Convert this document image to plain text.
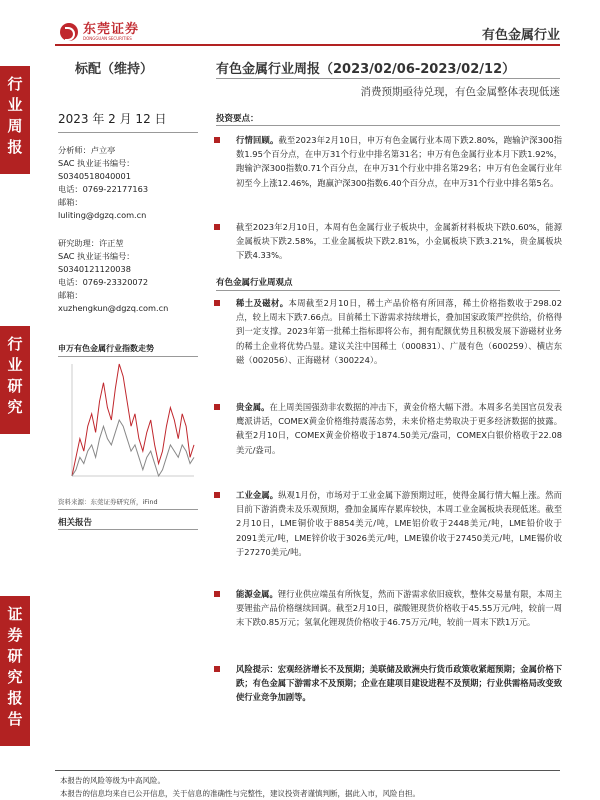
东莞证券
DONGGUAN SECURITIES	有色金属行业
行
业
周
报
行
业
研
究
证
券
研
究
报
告
标配（维持）	有色金属行业周报（2023/02/06-2023/02/12）
消费预期亟待兑现，有色金属整体表现低迷
2023 年 2 月 12 日
分析师：卢立亭
SAC 执业证书编号：
S0340518040001
电话：0769-22177163
邮箱：
luliting@dgzq.com.cn
研究助理：许正堃
SAC 执业证书编号：
S0340121120038
电话：0769-23320072
邮箱：
xuzhengkun@dgzq.com.cn
申万有色金属行业指数走势
资料来源：东莞证券研究所，iFind
相关报告
投资要点：
行情回顾。截至2023年2月10日，申万有色金属行业本周下跌2.80%，跑输沪深300指数1.95个百分点，在申万31个行业中排名第31名；申万有色金属行业本月下跌1.92%，跑输沪深300指数0.71个百分点，在申万31个行业中排名第29名；申万有色金属行业年初至今上涨12.46%，跑赢沪深300指数6.40个百分点，在申万31个行业中排名第5名。
截至2023年2月10日，本周有色金属行业子板块中，金属新材料板块下跌0.60%，能源金属板块下跌2.58%，工业金属板块下跌2.81%，小金属板块下跌3.21%，贵金属板块下跌4.33%。
有色金属行业周观点
稀土及磁材。本周截至2月10日，稀土产品价格有所回落，稀土价格指数收于298.02点，较上周末下跌7.66点。目前稀土下游需求持续增长，叠加国家政策严控供给，价格得到一定支撑。2023年第一批稀土指标即将公布，拥有配额优势且积极发展下游磁材业务的稀土企业将优势凸显。建议关注中国稀土（000831）、广晟有色（600259）、横店东磁（002056）、正海磁材（300224）。
贵金属。在上周美国强劲非农数据的冲击下，黄金价格大幅下滑。本周多名美国官员发表鹰派讲话，COMEX黄金价格维持震荡态势，未来价格走势取决于更多经济数据的披露。截至2月10日，COMEX黄金价格收于1874.50美元/盎司，COMEX白银价格收于22.08美元/盎司。
工业金属。纵观1月份，市场对于工业金属下游预期过旺，使得金属行情大幅上涨。然而目前下游消费未及乐观预期，叠加金属库存累库较快，本周工业金属板块表现低迷。截至2月10日，LME铜价收于8854美元/吨，LME铝价收于2448美元/吨，LME铅价收于2091美元/吨，LME锌价收于3026美元/吨，LME镍价收于27450美元/吨，LME锡价收于27270美元/吨。
能源金属。锂行业供应端虽有所恢复，然而下游需求依旧疲软，整体交易量有限，本周主要锂盐产品价格继续回调。截至2月10日，碳酸锂现货价格收于45.55万元/吨，较前一周末下跌0.85万元；氢氧化锂现货价格收于46.75万元/吨，较前一周末下跌1万元。
风险提示：宏观经济增长不及预期；美联储及欧洲央行货币政策收紧超预期；金属价格下跌；有色金属下游需求不及预期；企业在建项目建设进程不及预期；行业供需格局改变致使行业竞争加剧等。
本报告的风险等级为中高风险。
本报告的信息均来自已公开信息，关于信息的准确性与完整性，建议投资者谨慎判断，据此入市，风险自担。
